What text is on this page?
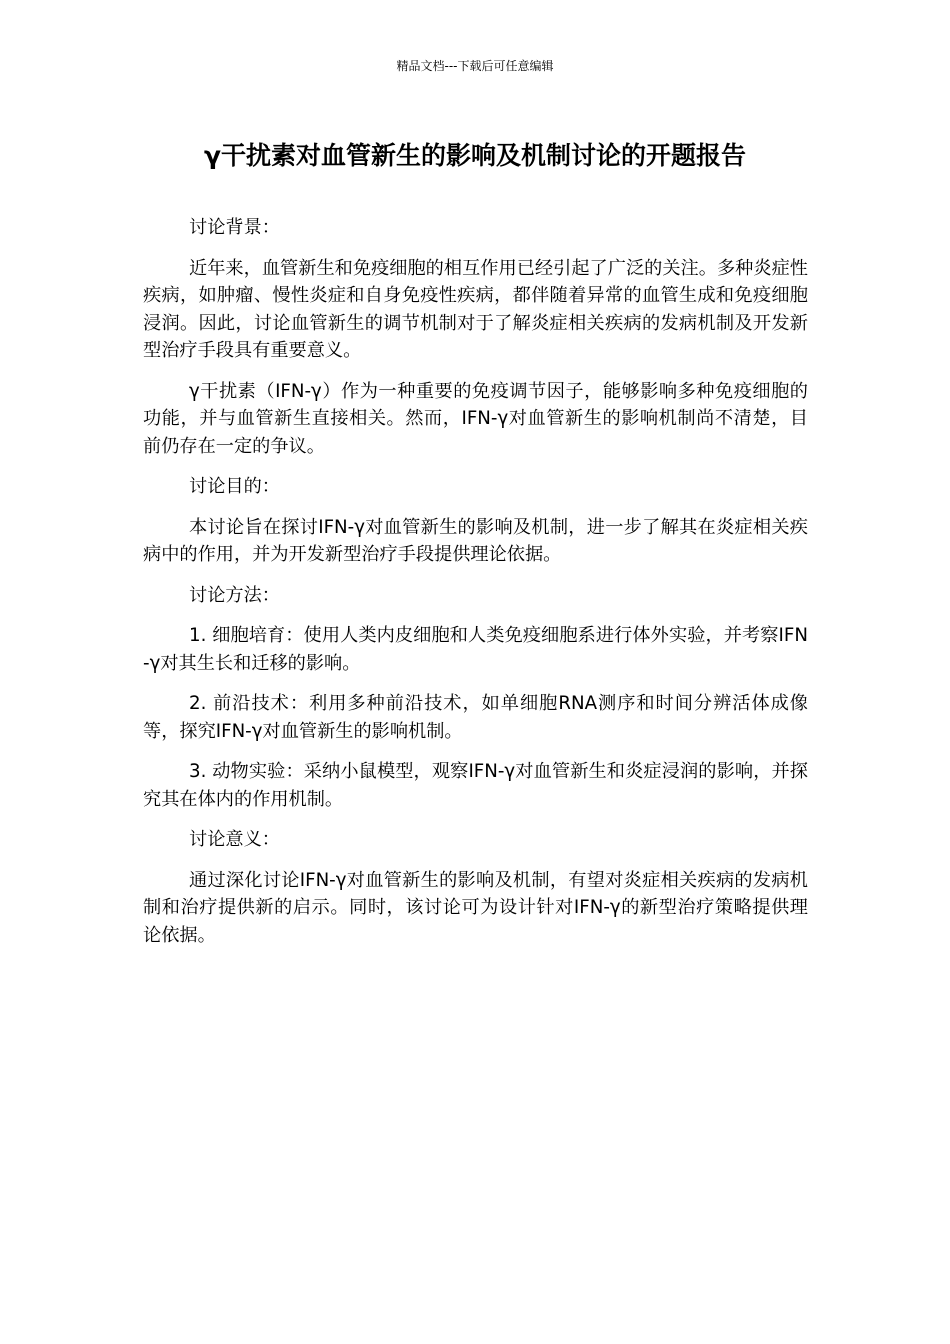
精品文档---下载后可任意编辑
γ干扰素对血管新生的影响及机制讨论的开题报告

讨论背景：

近年来，血管新生和免疫细胞的相互作用已经引起了广泛的关注。多种炎症性疾病，如肿瘤、慢性炎症和自身免疫性疾病，都伴随着异常的血管生成和免疫细胞浸润。因此，讨论血管新生的调节机制对于了解炎症相关疾病的发病机制及开发新型治疗手段具有重要意义。

γ干扰素（IFN-γ）作为一种重要的免疫调节因子，能够影响多种免疫细胞的功能，并与血管新生直接相关。然而，IFN-γ对血管新生的影响机制尚不清楚，目前仍存在一定的争议。

讨论目的：

本讨论旨在探讨IFN-γ对血管新生的影响及机制，进一步了解其在炎症相关疾病中的作用，并为开发新型治疗手段提供理论依据。

讨论方法：

1. 细胞培育：使用人类内皮细胞和人类免疫细胞系进行体外实验，并考察IFN-γ对其生长和迁移的影响。

2. 前沿技术：利用多种前沿技术，如单细胞RNA测序和时间分辨活体成像等，探究IFN-γ对血管新生的影响机制。

3. 动物实验：采纳小鼠模型，观察IFN-γ对血管新生和炎症浸润的影响，并探究其在体内的作用机制。

讨论意义：

通过深化讨论IFN-γ对血管新生的影响及机制，有望对炎症相关疾病的发病机制和治疗提供新的启示。同时，该讨论可为设计针对IFN-γ的新型治疗策略提供理论依据。
